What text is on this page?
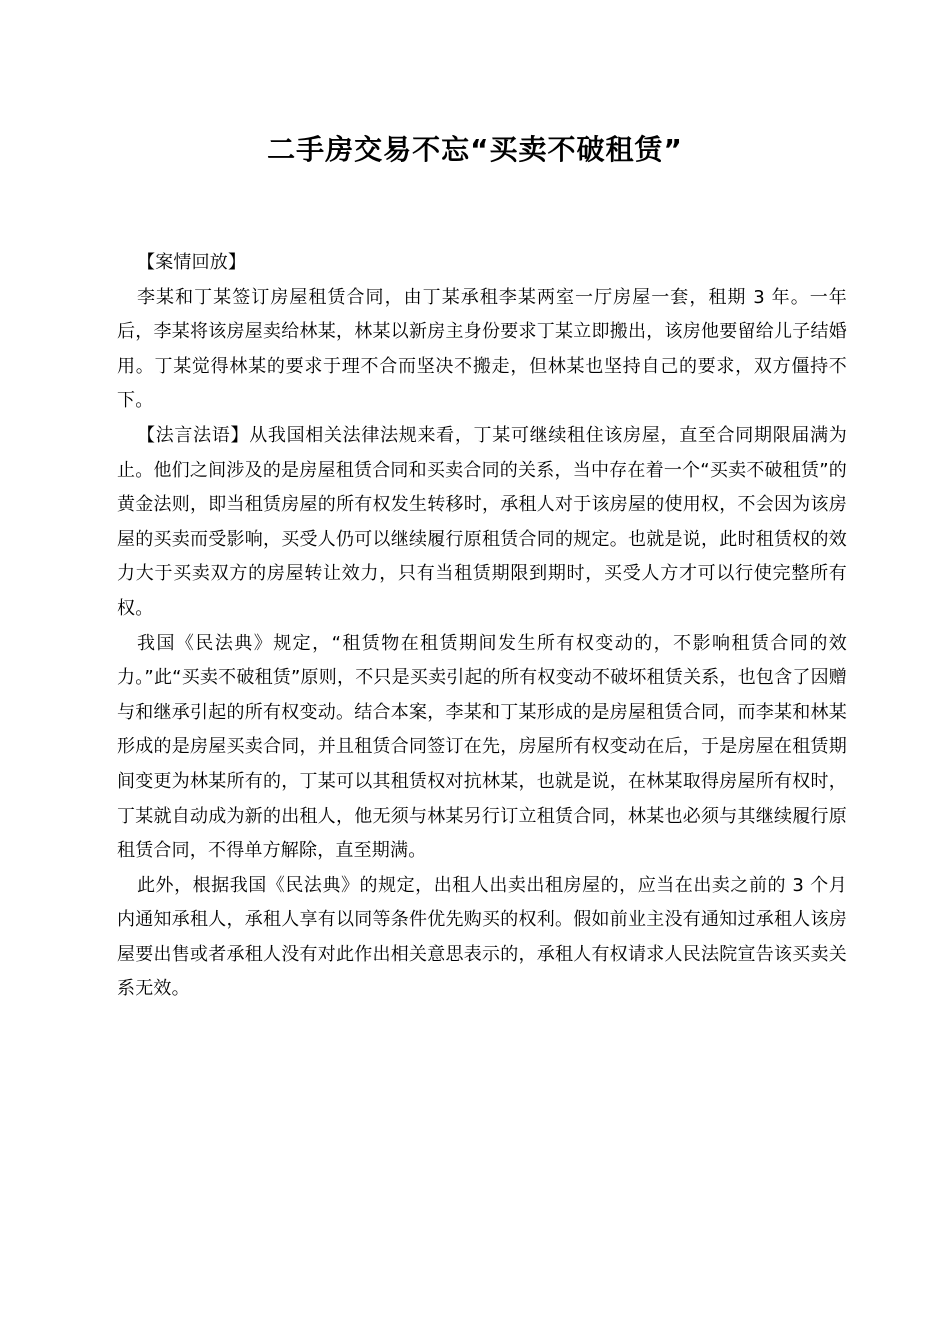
二手房交易不忘“买卖不破租赁”

【案情回放】

李某和丁某签订房屋租赁合同，由丁某承租李某两室一厅房屋一套，租期 3 年。一年后，李某将该房屋卖给林某，林某以新房主身份要求丁某立即搬出，该房他要留给儿子结婚用。丁某觉得林某的要求于理不合而坚决不搬走，但林某也坚持自己的要求，双方僵持不下。

【法言法语】从我国相关法律法规来看，丁某可继续租住该房屋，直至合同期限届满为止。他们之间涉及的是房屋租赁合同和买卖合同的关系，当中存在着一个“买卖不破租赁”的黄金法则，即当租赁房屋的所有权发生转移时，承租人对于该房屋的使用权，不会因为该房屋的买卖而受影响，买受人仍可以继续履行原租赁合同的规定。也就是说，此时租赁权的效力大于买卖双方的房屋转让效力，只有当租赁期限到期时，买受人方才可以行使完整所有权。

我国《民法典》规定，“租赁物在租赁期间发生所有权变动的，不影响租赁合同的效力。”此“买卖不破租赁”原则，不只是买卖引起的所有权变动不破坏租赁关系，也包含了因赠与和继承引起的所有权变动。结合本案，李某和丁某形成的是房屋租赁合同，而李某和林某形成的是房屋买卖合同，并且租赁合同签订在先，房屋所有权变动在后，于是房屋在租赁期间变更为林某所有的，丁某可以其租赁权对抗林某，也就是说，在林某取得房屋所有权时，丁某就自动成为新的出租人，他无须与林某另行订立租赁合同，林某也必须与其继续履行原租赁合同，不得单方解除，直至期满。

此外，根据我国《民法典》的规定，出租人出卖出租房屋的，应当在出卖之前的 3 个月内通知承租人，承租人享有以同等条件优先购买的权利。假如前业主没有通知过承租人该房屋要出售或者承租人没有对此作出相关意思表示的，承租人有权请求人民法院宣告该买卖关系无效。
